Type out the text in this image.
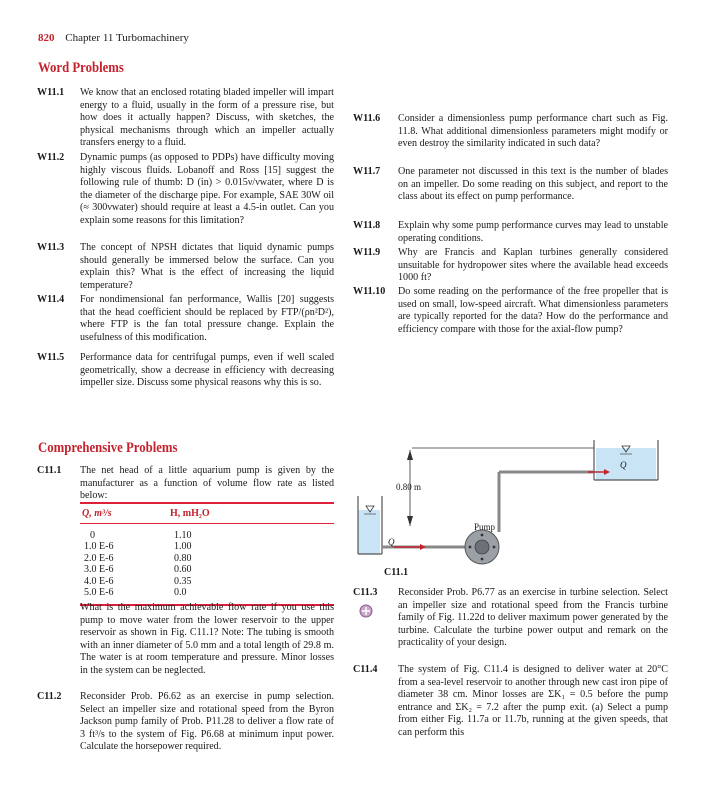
820 Chapter 11 Turbomachinery
Word Problems
W11.1 We know that an enclosed rotating bladed impeller will impart energy to a fluid, usually in the form of a pressure rise, but how does it actually happen? Discuss, with sketches, the physical mechanisms through which an impeller actually transfers energy to a fluid.
W11.2 Dynamic pumps (as opposed to PDPs) have difficulty moving highly viscous fluids. Lobanoff and Ross [15] suggest the following rule of thumb: D (in) > 0.015ν/νwater, where D is the diameter of the discharge pipe. For example, SAE 30W oil (≈ 300νwater) should require at least a 4.5-in outlet. Can you explain some reasons for this limitation?
W11.3 The concept of NPSH dictates that liquid dynamic pumps should generally be immersed below the surface. Can you explain this? What is the effect of increasing the liquid temperature?
W11.4 For nondimensional fan performance, Wallis [20] suggests that the head coefficient should be replaced by FTP/(ρn²D²), where FTP is the fan total pressure change. Explain the usefulness of this modification.
W11.5 Performance data for centrifugal pumps, even if well scaled geometrically, show a decrease in efficiency with decreasing impeller size. Discuss some physical reasons why this is so.
W11.6 Consider a dimensionless pump performance chart such as Fig. 11.8. What additional dimensionless parameters might modify or even destroy the similarity indicated in such data?
W11.7 One parameter not discussed in this text is the number of blades on an impeller. Do some reading on this subject, and report to the class about its effect on pump performance.
W11.8 Explain why some pump performance curves may lead to unstable operating conditions.
W11.9 Why are Francis and Kaplan turbines generally considered unsuitable for hydropower sites where the available head exceeds 1000 ft?
W11.10 Do some reading on the performance of the free propeller that is used on small, low-speed aircraft. What dimensionless parameters are typically reported for the data? How do the performance and efficiency compare with those for the axial-flow pump?
Comprehensive Problems
C11.1 The net head of a little aquarium pump is given by the manufacturer as a function of volume flow rate as listed below:
Q, m³/s	H, mH₂O
0	1.10
1.0 E-6	1.00
2.0 E-6	0.80
3.0 E-6	0.60
4.0 E-6	0.35
5.0 E-6	0.0
What is the maximum achievable flow rate if you use this pump to move water from the lower reservoir to the upper reservoir as shown in Fig. C11.1? Note: The tubing is smooth with an inner diameter of 5.0 mm and a total length of 29.8 m. The water is at room temperature and pressure. Minor losses in the system can be neglected.
C11.2 Reconsider Prob. P6.62 as an exercise in pump selection. Select an impeller size and rotational speed from the Byron Jackson pump family of Prob. P11.28 to deliver a flow rate of 3 ft³/s to the system of Fig. P6.68 at minimum input power. Calculate the horsepower required.
0.80 m
Pump
Q
Q
C11.1
C11.3 Reconsider Prob. P6.77 as an exercise in turbine selection. Select an impeller size and rotational speed from the Francis turbine family of Fig. 11.22d to deliver maximum power generated by the turbine. Calculate the turbine power output and remark on the practicality of your design.
C11.4 The system of Fig. C11.4 is designed to deliver water at 20°C from a sea-level reservoir to another through new cast iron pipe of diameter 38 cm. Minor losses are ΣK₁ = 0.5 before the pump entrance and ΣK₂ = 7.2 after the pump exit. (a) Select a pump from either Fig. 11.7a or 11.7b, running at the given speeds, that can perform this
